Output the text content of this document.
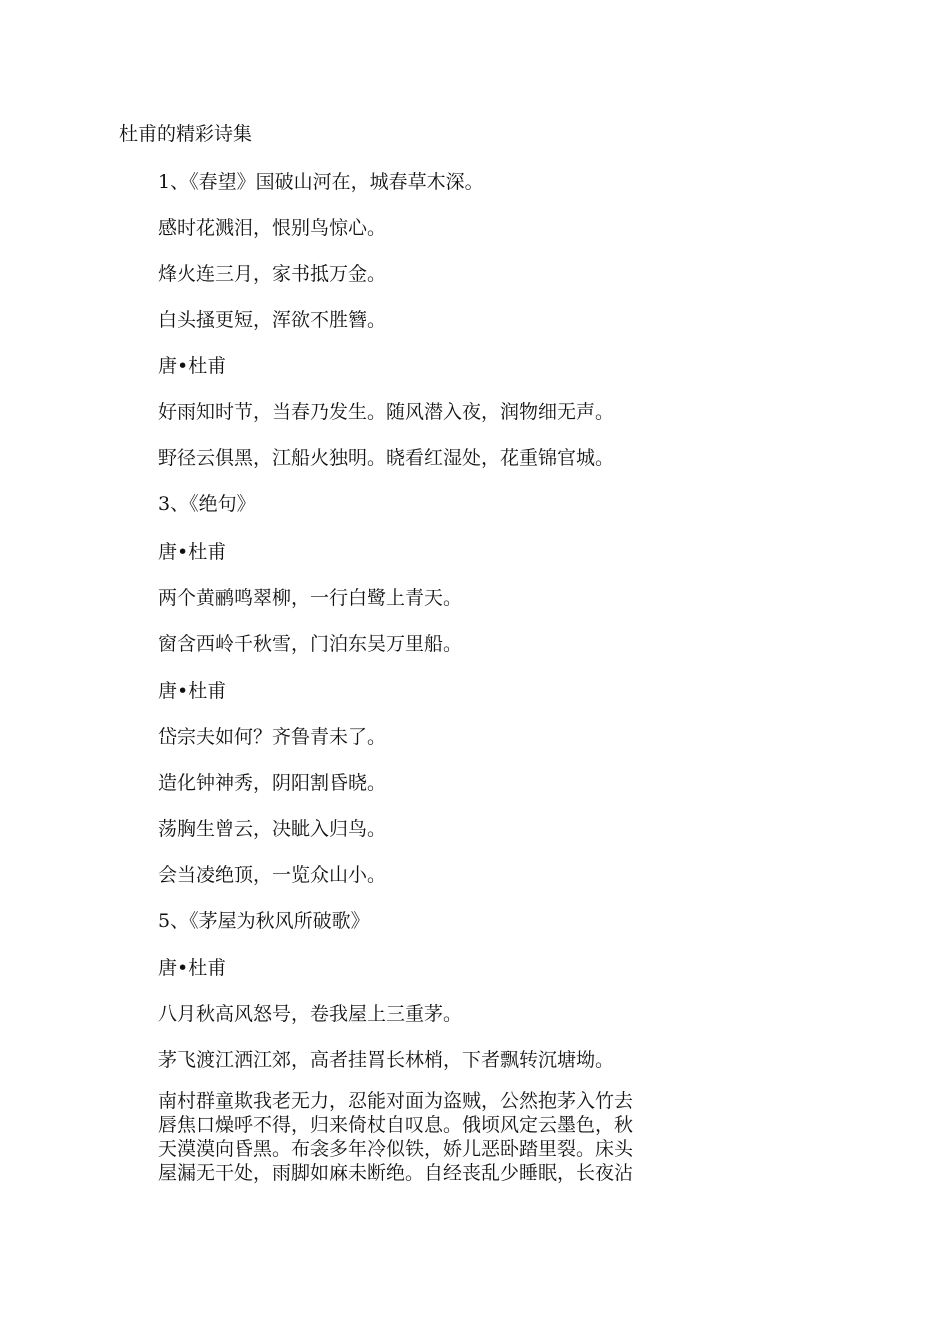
杜甫的精彩诗集
1、《春望》国破山河在，城春草木深。
感时花溅泪，恨别鸟惊心。
烽火连三月，家书抵万金。
白头搔更短，浑欲不胜簪。
唐•杜甫
好雨知时节，当春乃发生。随风潜入夜，润物细无声。
野径云俱黑，江船火独明。晓看红湿处，花重锦官城。
3、《绝句》
唐•杜甫
两个黄鹂鸣翠柳，一行白鹭上青天。
窗含西岭千秋雪，门泊东吴万里船。
唐•杜甫
岱宗夫如何？齐鲁青未了。
造化钟神秀，阴阳割昏晓。
荡胸生曾云，决眦入归鸟。
会当凌绝顶，一览众山小。
5、《茅屋为秋风所破歌》
唐•杜甫
八月秋高风怒号，卷我屋上三重茅。
茅飞渡江洒江郊，高者挂罥长林梢，下者飘转沉塘坳。
南村群童欺我老无力，忍能对面为盗贼，公然抱茅入竹去
唇焦口燥呼不得，归来倚杖自叹息。俄顷风定云墨色，秋
天漠漠向昏黑。布衾多年冷似铁，娇儿恶卧踏里裂。床头
屋漏无干处，雨脚如麻未断绝。自经丧乱少睡眠，长夜沾
